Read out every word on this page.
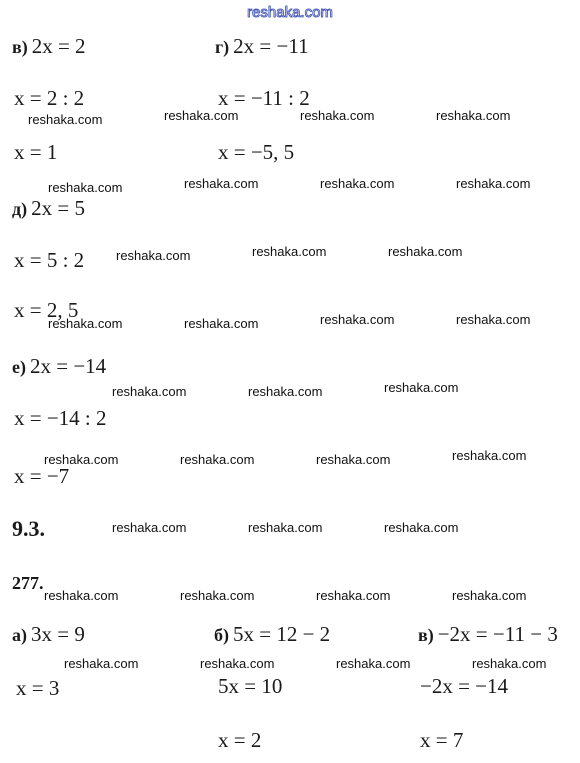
reshaka.com
в) 2x = 2
x = 2 : 2
x = 1
г) 2x = −11
x = −11 : 2
x = −5, 5
д) 2x = 5
x = 5 : 2
x = 2, 5
е) 2x = −14
x = −14 : 2
x = −7
9.3.
277.
а) 3x = 9
x = 3
б) 5x = 12 − 2
5x = 10
x = 2
в) −2x = −11 − 3
−2x = −14
x = 7
reshaka.com	reshaka.com	reshaka.com	reshaka.com
reshaka.com	reshaka.com	reshaka.com	reshaka.com
reshaka.com	reshaka.com	reshaka.com
reshaka.com	reshaka.com	reshaka.com	reshaka.com
reshaka.com	reshaka.com	reshaka.com
reshaka.com	reshaka.com	reshaka.com	reshaka.com
reshaka.com	reshaka.com	reshaka.com
reshaka.com	reshaka.com	reshaka.com	reshaka.com
reshaka.com	reshaka.com	reshaka.com	reshaka.com
